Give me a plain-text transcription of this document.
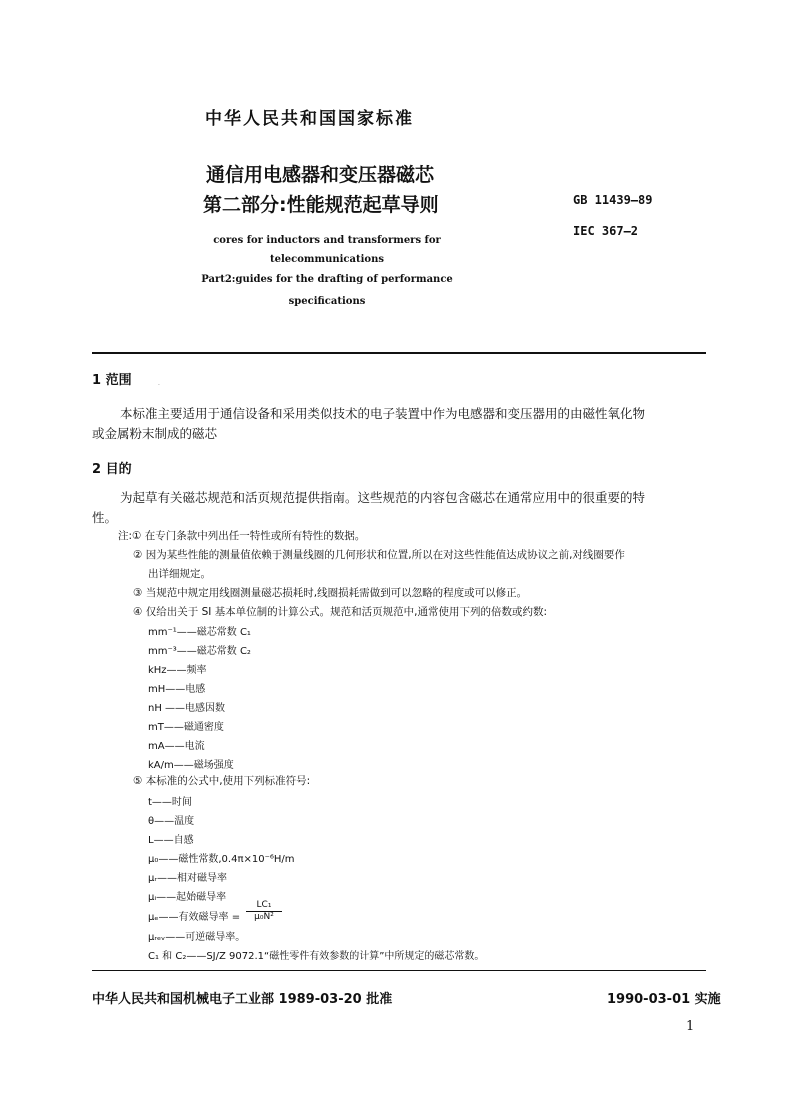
中华人民共和国国家标准
通信用电感器和变压器磁芯
第二部分:性能规范起草导则	GB 11439—89
IEC 367—2
cores for inductors and transformers for
telecommunications
Part2:guides for the drafting of performance
specifications
1 范围	·
本标准主要适用于通信设备和采用类似技术的电子装置中作为电感器和变压器用的由磁性氧化物
或金属粉末制成的磁芯
2 目的
为起草有关磁芯规范和活页规范提供指南。这些规范的内容包含磁芯在通常应用中的很重要的特
性。
注:① 在专门条款中列出任一特性或所有特性的数据。
② 因为某些性能的测量值依赖于测量线圈的几何形状和位置,所以在对这些性能值达成协议之前,对线圈要作
出详细规定。
③ 当规范中规定用线圈测量磁芯损耗时,线圈损耗需做到可以忽略的程度或可以修正。
④ 仅给出关于 SI 基本单位制的计算公式。规范和活页规范中,通常使用下列的倍数或约数:
mm⁻¹——磁芯常数 C₁
mm⁻³——磁芯常数 C₂
kHz——频率
mH——电感
nH ——电感因数
mT——磁通密度
mA——电流
kA/m——磁场强度
⑤ 本标准的公式中,使用下列标准符号:
t——时间
θ——温度
L——自感
μ₀——磁性常数,0.4π×10⁻⁶H/m
μᵣ——相对磁导率
μᵢ——起始磁导率
μₑ——有效磁导率 = $\frac{\text{LC₁}}{\text{μ₀N²}}$
μᵣₑᵥ——可逆磁导率。
C₁ 和 C₂——SJ/Z 9072.1“磁性零件有效参数的计算”中所规定的磁芯常数。
中华人民共和国机械电子工业部 1989-03-20 批准	1990-03-01 实施
1
